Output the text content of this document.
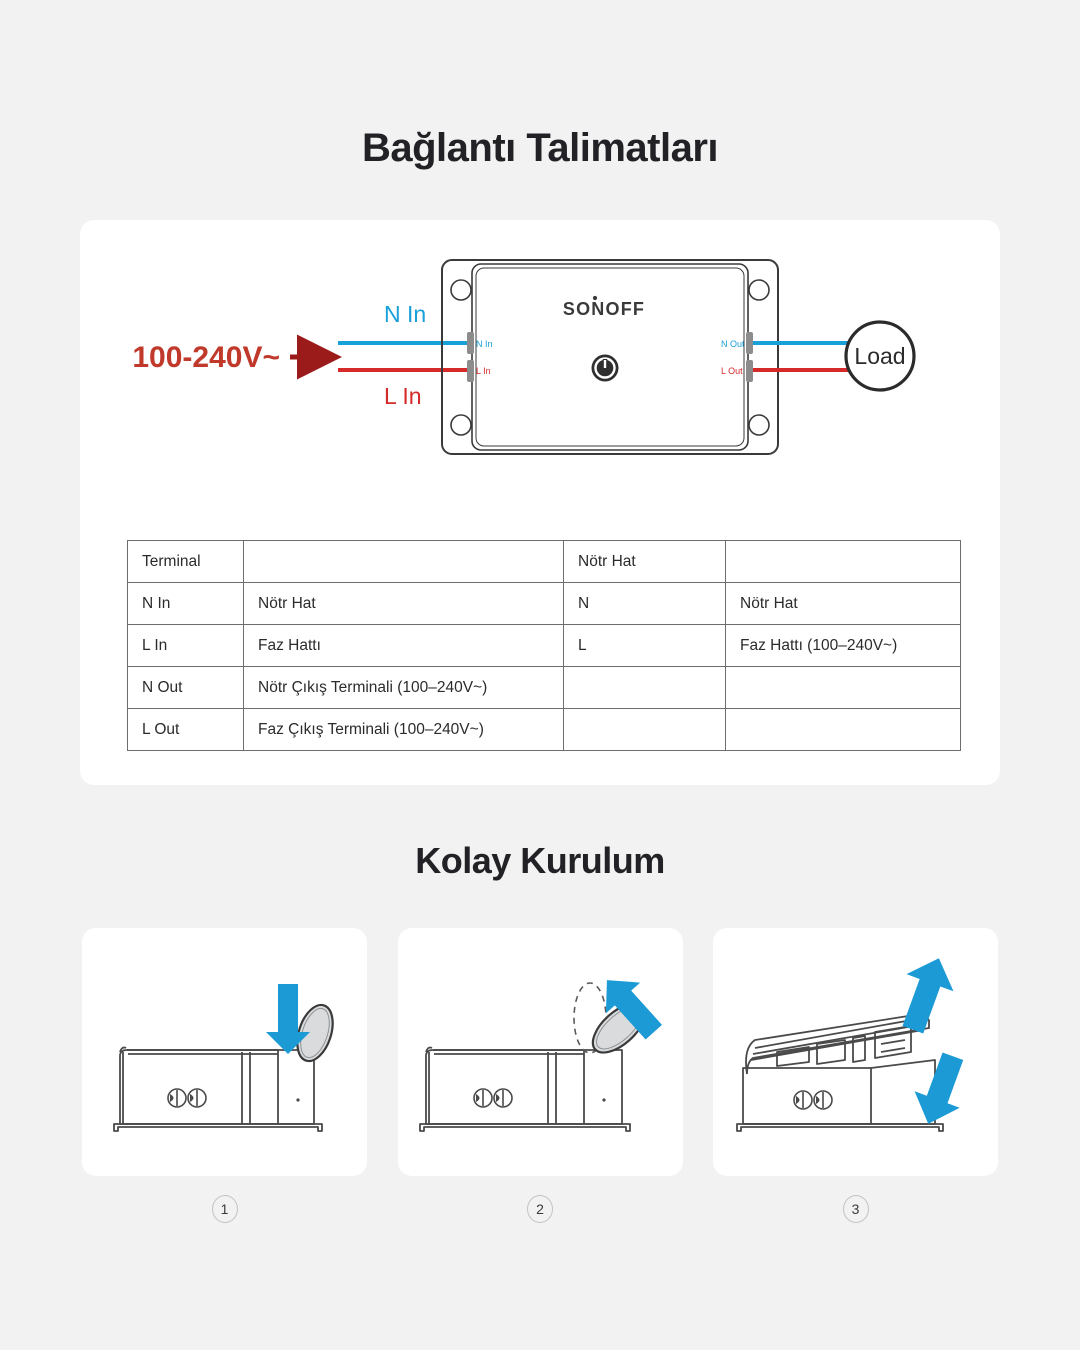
Bağlantı Talimatları
SONOFF
N In
L In
100-240V~	Load
N In
L In
N Out
L Out
Terminal		Nötr Hat	
N In	Nötr Hat	N	Nötr Hat
L In	Faz Hattı	L	Faz Hattı (100–240V~)
N Out	Nötr Çıkış Terminali (100–240V~)		
L Out	Faz Çıkış Terminali (100–240V~)		
Kolay Kurulum
1	2	3
